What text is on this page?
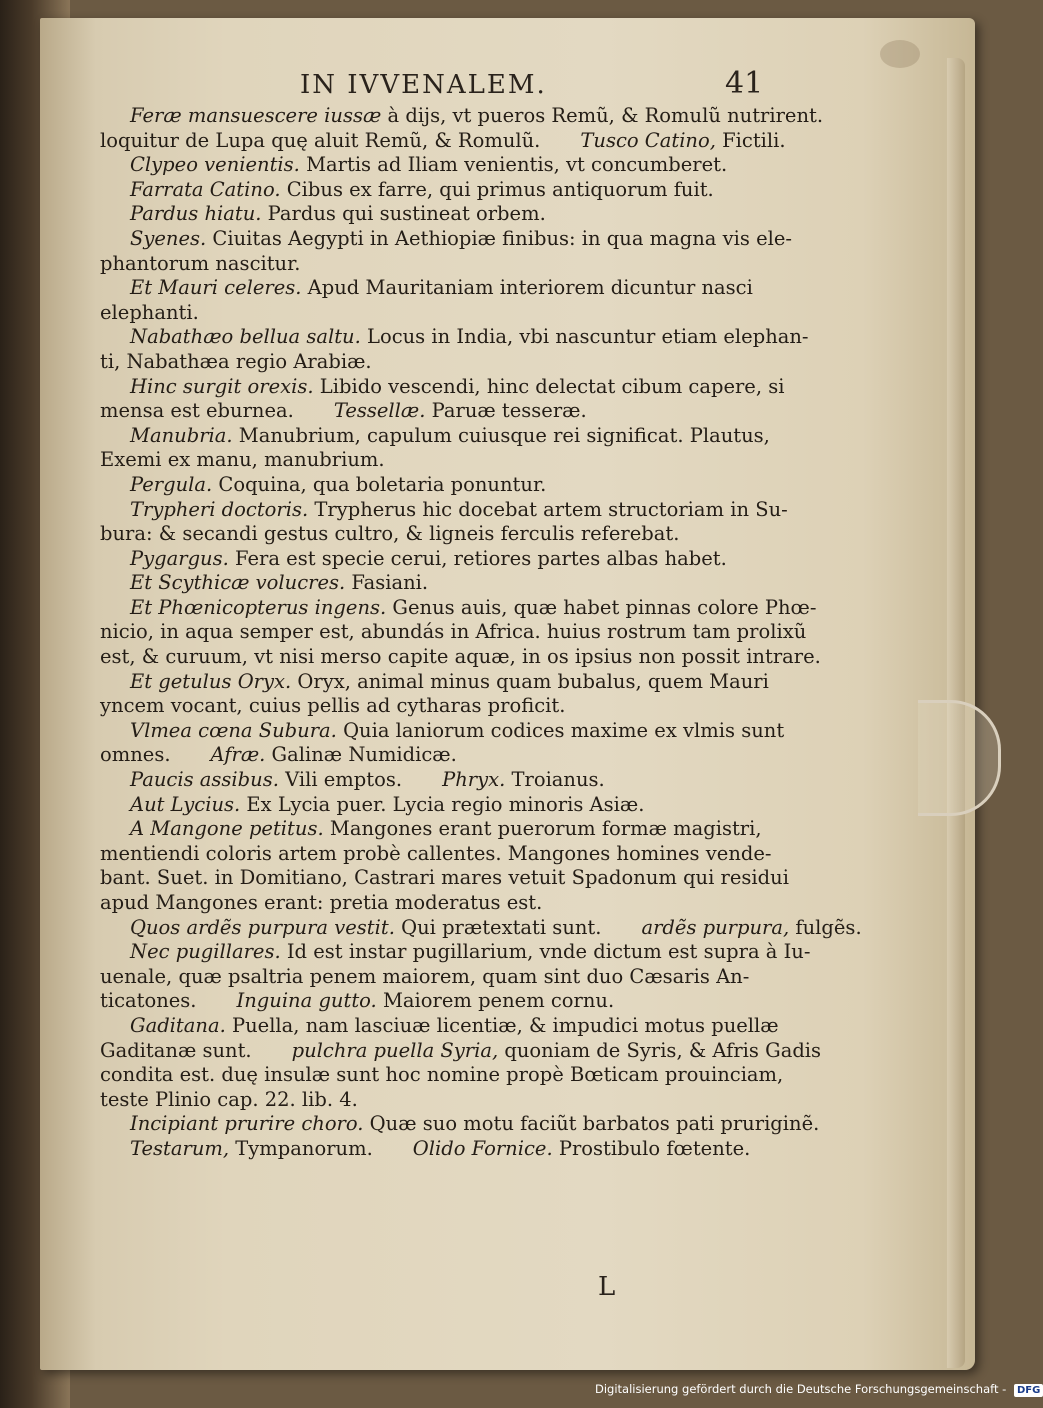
IN IVVENALEM.	41
Feræ mansuescere iussæ à dijs, vt pueros Remũ, & Romulũ nutrirent.
loquitur de Lupa quę aluit Remũ, & Romulũ. Tusco Catino, Fictili.
Clypeo venientis. Martis ad Iliam venientis, vt concumberet.
Farrata Catino. Cibus ex farre, qui primus antiquorum fuit.
Pardus hiatu. Pardus qui sustineat orbem.
Syenes. Ciuitas Aegypti in Aethiopiæ finibus: in qua magna vis ele-
phantorum nascitur.
Et Mauri celeres. Apud Mauritaniam interiorem dicuntur nasci
elephanti.
Nabathæo bellua saltu. Locus in India, vbi nascuntur etiam elephan-
ti, Nabathæa regio Arabiæ.
Hinc surgit orexis. Libido vescendi, hinc delectat cibum capere, si
mensa est eburnea. Tessellæ. Paruæ tesseræ.
Manubria. Manubrium, capulum cuiusque rei significat. Plautus,
Exemi ex manu, manubrium.
Pergula. Coquina, qua boletaria ponuntur.
Trypheri doctoris. Trypherus hic docebat artem structoriam in Su-
bura: & secandi gestus cultro, & ligneis ferculis referebat.
Pygargus. Fera est specie cerui, retiores partes albas habet.
Et Scythicæ volucres. Fasiani.
Et Phœnicopterus ingens. Genus auis, quæ habet pinnas colore Phœ-
nicio, in aqua semper est, abundás in Africa. huius rostrum tam prolixũ
est, & curuum, vt nisi merso capite aquæ, in os ipsius non possit intrare.
Et getulus Oryx. Oryx, animal minus quam bubalus, quem Mauri
yncem vocant, cuius pellis ad cytharas proficit.
Vlmea cœna Subura. Quia laniorum codices maxime ex vlmis sunt
omnes. Afræ. Galinæ Numidicæ.
Paucis assibus. Vili emptos. Phryx. Troianus.
Aut Lycius. Ex Lycia puer. Lycia regio minoris Asiæ.
A Mangone petitus. Mangones erant puerorum formæ magistri,
mentiendi coloris artem probè callentes. Mangones homines vende-
bant. Suet. in Domitiano, Castrari mares vetuit Spadonum qui residui
apud Mangones erant: pretia moderatus est.
Quos ardẽs purpura vestit. Qui prætextati sunt. ardẽs purpura, fulgẽs.
Nec pugillares. Id est instar pugillarium, vnde dictum est supra à Iu-
uenale, quæ psaltria penem maiorem, quam sint duo Cæsaris An-
ticatones. Inguina gutto. Maiorem penem cornu.
Gaditana. Puella, nam lasciuæ licentiæ, & impudici motus puellæ
Gaditanæ sunt. pulchra puella Syria, quoniam de Syris, & Afris Gadis
condita est. duę insulæ sunt hoc nomine propè Bœticam prouinciam,
teste Plinio cap. 22. lib. 4.
Incipiant prurire choro. Quæ suo motu faciũt barbatos pati pruriginẽ.
Testarum, Tympanorum. Olido Fornice. Prostibulo fœtente.
L
Digitalisierung gefördert durch die Deutsche Forschungsgemeinschaft - DFG
